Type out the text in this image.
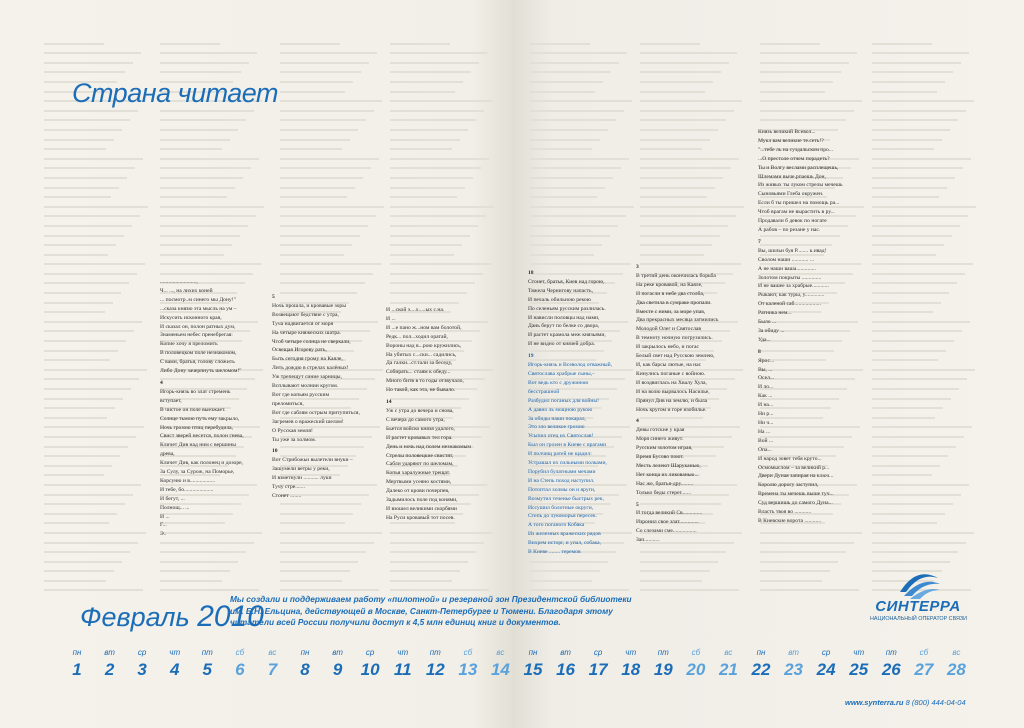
Страна читает
..........................,
Ч... ..., на лихих коней
... посмотр..м синего мы Дону!"
...сказа князю эта мысль на ум –
Искусить исконного края,
И сказал он, полон ратных дум,
Знаменьем небес пренебрегая:
Копие хочу я преломить
В половецком поле незнакомом,
С вами, братья, голову сложить
Либо Дону зачерпнуть шеломом!"
4
Игорь-князь во злат стремень
вступает,
В чистое он поле выезжает.
Солнце тьмою путь ему закрыло,
Ночь грозою птиц перебудила,
Свист зверей несется, полон гнева,
Кличет Див над ним с вершины
древа,
Кличет Див, как полонец и дозоре,
За Сулу, за Сурож, на Поморье,
Корсуню и в..................
И тебе, бо.....................
И бегут, ...
Полнощ... ...
И ...
Г...
Э..
5
Ночь прошла, и кровавые зоры
Возвещают бедствие с утра,
Туча надвигается от моря
На четыре княжеских шатра.
Чтоб четыре солнца не сверкали,
Освещая Игореву рать,
Быть сегодня грому на Каяле,
Лить дождю в стрелах калёных!
Уж трепещут синие зарницы,
Всплывают молнии кругом.
Вот где копьям русским
преломиться,
Вот где саблям острым притупиться,
Загремев о вражеский шелом!
О Русская земля!
Ты уже за холмом.
10
Вот Стрибожьи вылетели внуки –
Зашумели ветры у реки,
И взметнули ........... луки
Тучу стре.......
Стонет ........
И ...ской э....х.....ых с.на.
И ...
И ...е пано ж...ном вам болотой,
Редк... пол...ходил оратай,
Вороны над в...рою кружились,
На убитых с...ски... садились,
Да галки...ст.тали за беседу,
Собирать... стаям к обеду...
Много битв в то годы отзвучало,
Но такой, как эта, не бывало.
14
Уж с утра до вечера и снова,
С вечера до самого утра,
Бьется войско князя удалого,
И растет кровавых тел гора.
День и ночь над полем незнакомым
Стрелы половецкие свистят,
Сабли ударяют по шеломам,
Копья харалужные трещат.
Мертвыми усеяно костями,
Далеко от крови почерпев,
Задымилось поле под конями,
И взошел великими скорбями
На Руси кровавый тот посев.
18
Стонет, братья, Киев над горою,
Тяжела Чернигову напасть,
И печаль обильною рекою
По селеньям русским разлилась.
И нависли половцы над нами,
Дань берут по белке со двора,
И растет крамола меж князьями,
И не видно от князей добра.
19
Игорь-князь и Всеволод отважный,
Святослава храбрые сыны,–
Вот ведь кто с дружиною
бесстрашной
Разбудил поганых для войны!
А давно ль мощною рукою
За обиды наши покарал,
Это зло великое грозою
Усыпил отец их Святослав!
Был он грозен в Киеве с врагами
И полчищ ратей не щадил:
Устрашал их сильными полками,
Порубил булатными мечами
И на Степь поход наступил.
Потоптал холмы он и яруги,
Возмутил теченье быстрых рек,
Иссушил болотные округи,
Степь до лукоморья пересек.
А того поганого Кобяка
Из железных вражеских рядов
Вихрем исторг, и упал, собака,
В Киеве ........ теремов
3
В третий день окончилась борьба
На реке кровавой, на Каяле,
И погасли в небе два столба,
Два светила в сумраке пропали.
Вместе с ними, за море упав,
Два прекрасных месяца затмились
Молодой Олег и Святослав
В темноту ночную погрузились.
И закрылось небо, и погас
Белый свет над Русскою землею,
И, как барсы лютые, на нас
Кинулись поганые с войною.
И воздвиглась на Хвалу Хула,
И на волю вырвалось Насилье,
Прянул Див на землю, и была
Ночь кругом и горе изобилье.
4
Девы готские у края
Моря синего живут.
Русским золотом играя,
Время Бусово поют.
Месть лелеют Шаруканью,
Нет конца их ликованью...
Нас же, братья-дру.........
Только беды стерег.......
5
И тогда великий Св..............
Изронил свое злат..............
Со слезами сме.................
Зап...........
Князь великий Всевол...
Мукл вам великие те.сеть!?
"...тебе ль на суздальском про...
...О престоле отчем порадеть?
Ты и Волгу веслами расплещешь,
Шлемами выче.рпаешь Дон,
Из живых ты луком стрелы мечешь
Сыновьями Глеба окружен.
Если б ты пришел на помощь ра...
Чтоб врагам не вырастить в ру...
Продавали б девок по ногате
А рабов – по резане у нас.
7
Вы, шильи буя Р........ к.ивад!
Сволом наши ............ ...
А не наши ваша..............
Золотом покрыты ..............
И не вашее за храбрые............
Рыкают, как туры, у..............
От каленой саб...................
Ратника нем...
Было ...
За обиду ...
Уда...
8
Ярос...
Вы, ...
Осел...
И ло...
Как ...
И на...
Ни р...
Ни ч...
На ...
Вой ...
Опа...
И народ зовет тебя круто...
Осмомыслом – за великий р...
Двери Дуная запирая на ключ...
Королю дорогу заступил,
Времена ты мечешь выше туч...
Суд вершишь до самого Дуна...
Власть твоя во ............
В Киевские ворота ............
Февраль 2010
Мы создали и поддерживаем работу «пилотной» и резервной зон Президентской библиотеки им. Б.Н. Ельцина, действующей в Москве, Санкт-Петербурге и Тюмени. Благодаря этому читатели всей России получили доступ к 4,5 млн единиц книг и документов.
СИНТЕРРА
НАЦИОНАЛЬНЫЙ ОПЕРАТОР СВЯЗИ
пн
1
вт
2
ср
3
чт
4
пт
5
сб
6
вс
7
пн
8
вт
9
ср
10
чт
11
пт
12
сб
13
вс
14
пн
15
вт
16
ср
17
чт
18
пт
19
сб
20
вс
21
пн
22
вт
23
ср
24
чт
25
пт
26
сб
27
вс
28
www.synterra.ru 8 (800) 444-04-04
